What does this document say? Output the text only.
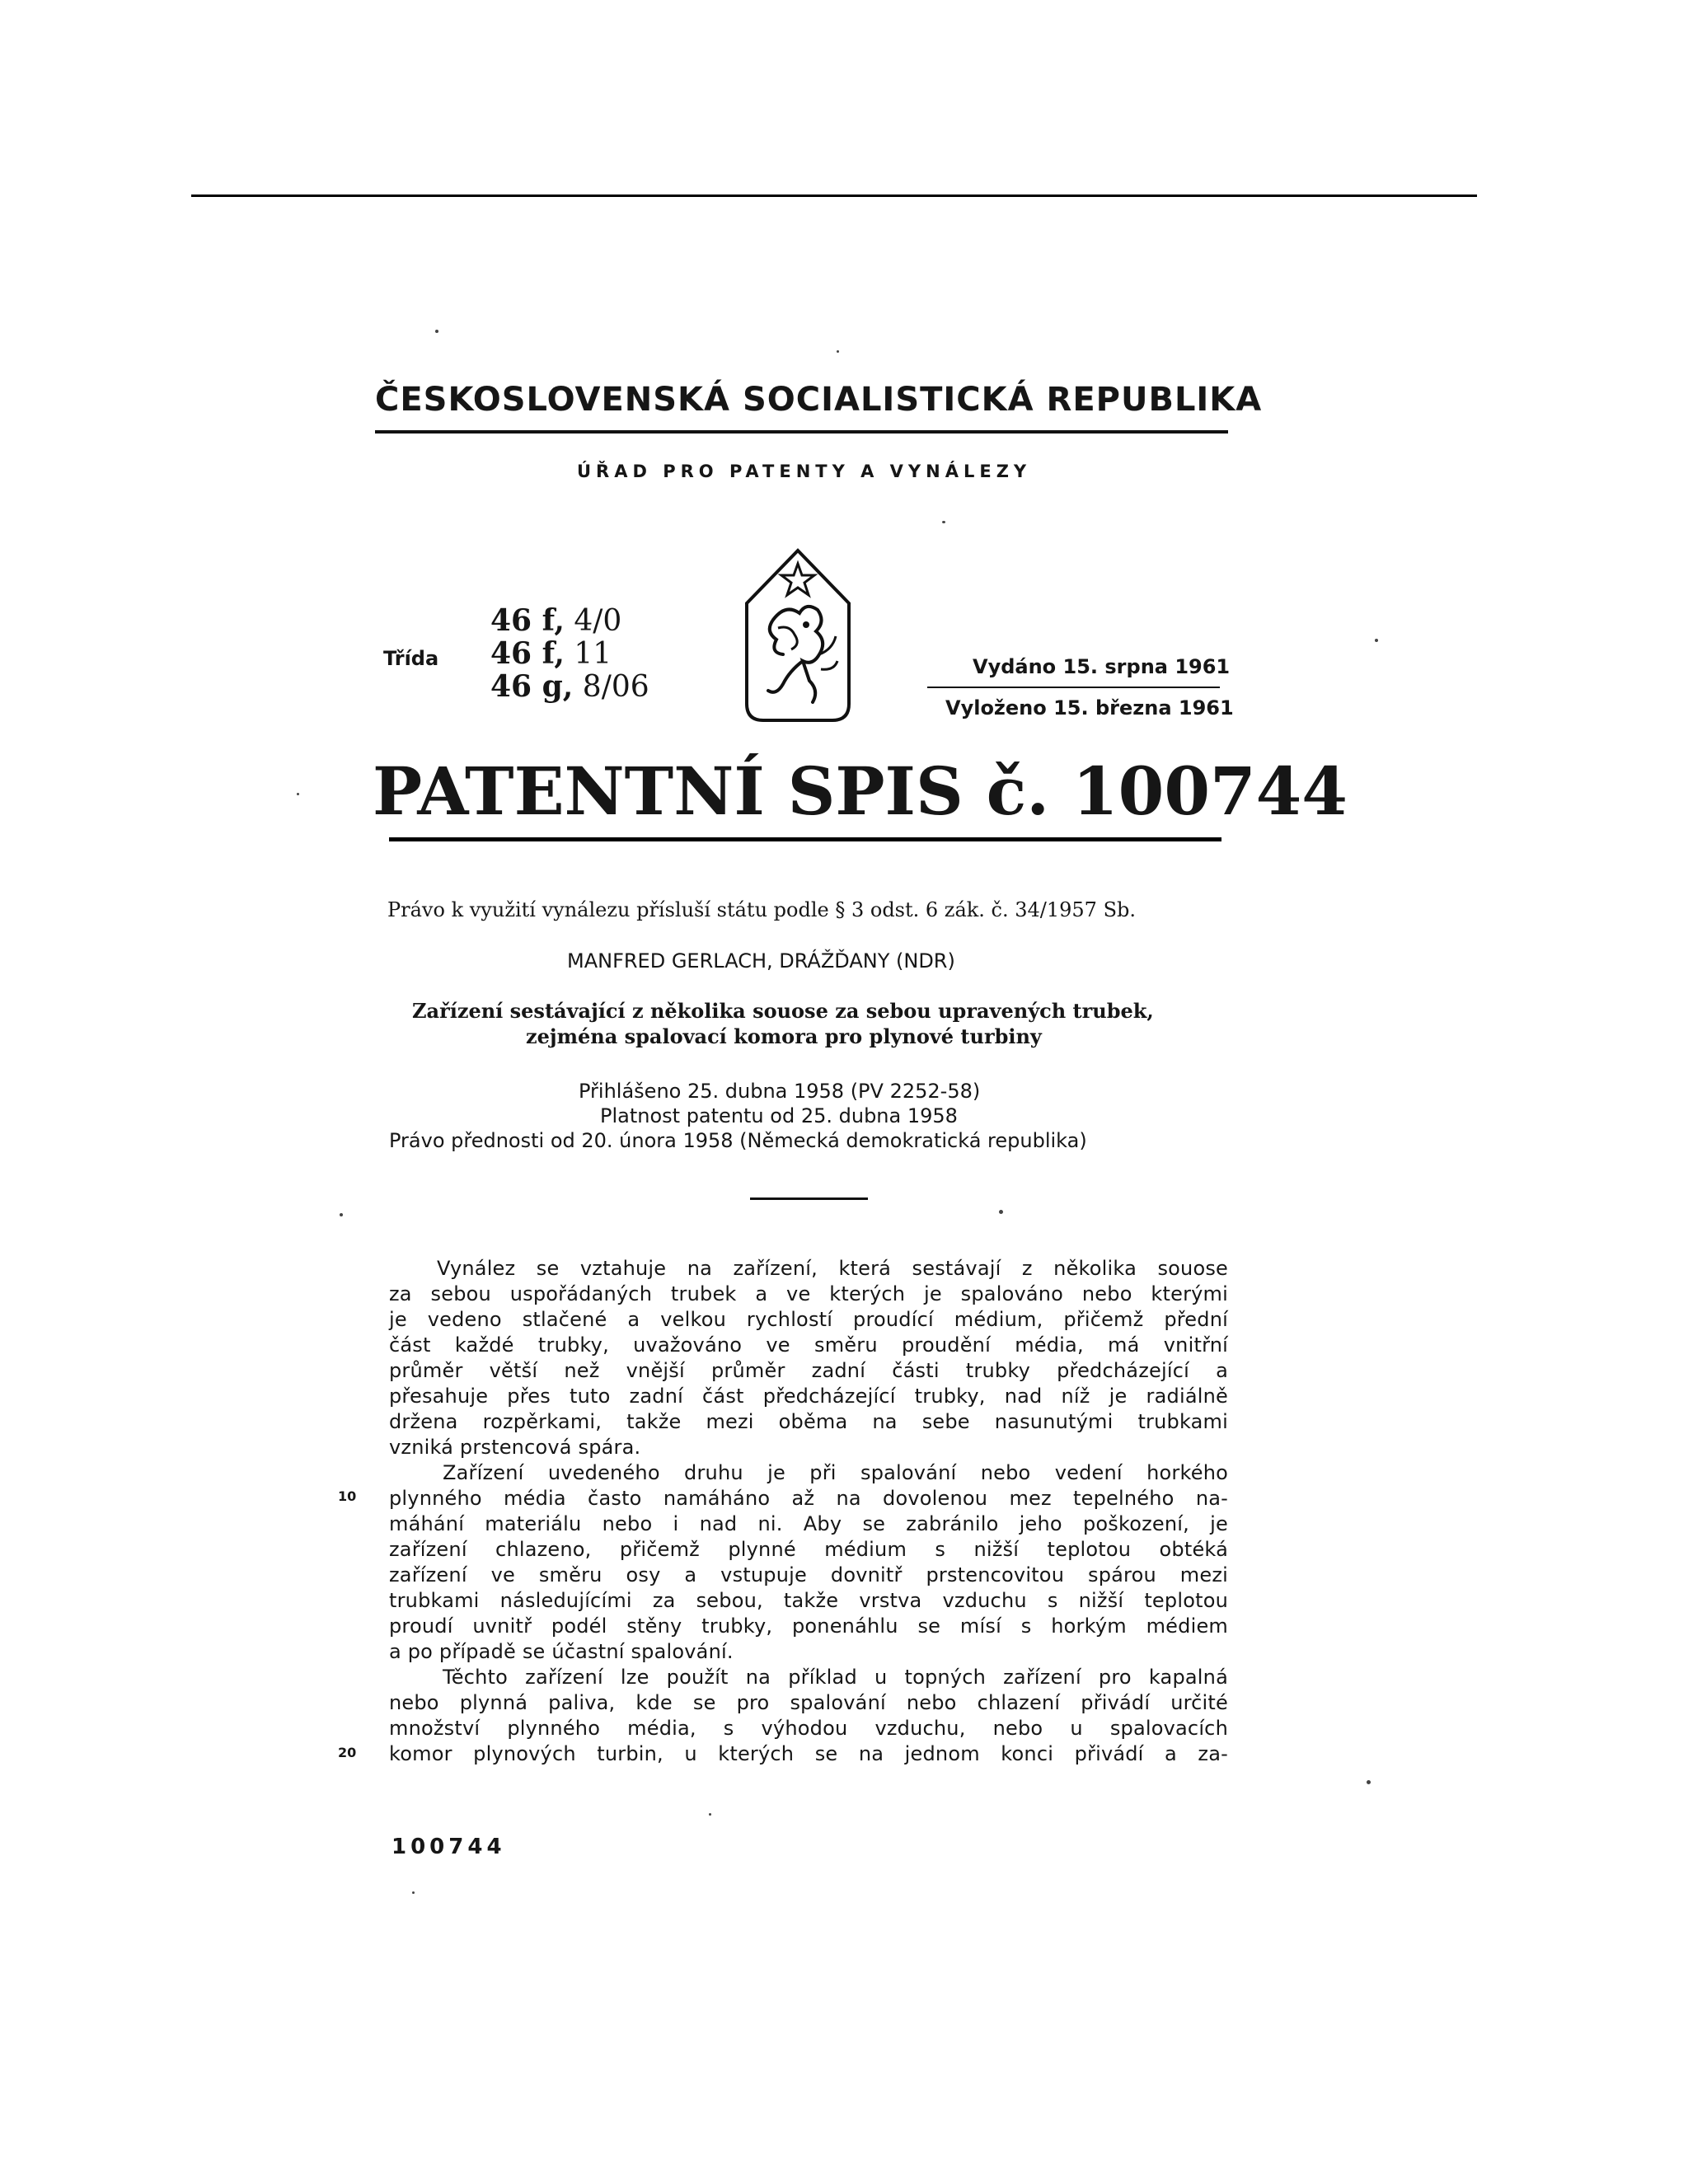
ČESKOSLOVENSKÁ SOCIALISTICKÁ REPUBLIKA
ÚŘAD PRO PATENTY A VYNÁLEZY
Třída
46 f, 4/0
46 f, 11
46 g, 8/06
Vydáno 15. srpna 1961
Vyloženo 15. března 1961
PATENTNÍ SPIS č. 100744
Právo k využití vynálezu přísluší státu podle § 3 odst. 6 zák. č. 34/1957 Sb.
MANFRED GERLACH, DRÁŽĎANY (NDR)
Zařízení sestávající z několika souose za sebou upravených trubek,
zejména spalovací komora pro plynové turbiny
Přihlášeno 25. dubna 1958 (PV 2252-58)
Platnost patentu od 25. dubna 1958
Právo přednosti od 20. února 1958 (Německá demokratická republika)
Vynález se vztahuje na zařízení, která sestávají z několika souose
za sebou uspořádaných trubek a ve kterých je spalováno nebo kterými
je vedeno stlačené a velkou rychlostí proudící médium, přičemž přední
část každé trubky, uvažováno ve směru proudění média, má vnitřní
průměr větší než vnější průměr zadní části trubky předcházející a
přesahuje přes tuto zadní část předcházející trubky, nad níž je radiálně
držena rozpěrkami, takže mezi oběma na sebe nasunutými trubkami
vzniká prstencová spára.
Zařízení uvedeného druhu je při spalování nebo vedení horkého
plynného média často namáháno až na dovolenou mez tepelného na-
máhání materiálu nebo i nad ni. Aby se zabránilo jeho poškození, je
zařízení chlazeno, přičemž plynné médium s nižší teplotou obtéká
zařízení ve směru osy a vstupuje dovnitř prstencovitou spárou mezi
trubkami následujícími za sebou, takže vrstva vzduchu s nižší teplotou
proudí uvnitř podél stěny trubky, ponenáhlu se mísí s horkým médiem
a po případě se účastní spalování.
Těchto zařízení lze použít na příklad u topných zařízení pro kapalná
nebo plynná paliva, kde se pro spalování nebo chlazení přivádí určité
množství plynného média, s výhodou vzduchu, nebo u spalovacích
komor plynových turbin, u kterých se na jednom konci přivádí a za-
10
20
100744
